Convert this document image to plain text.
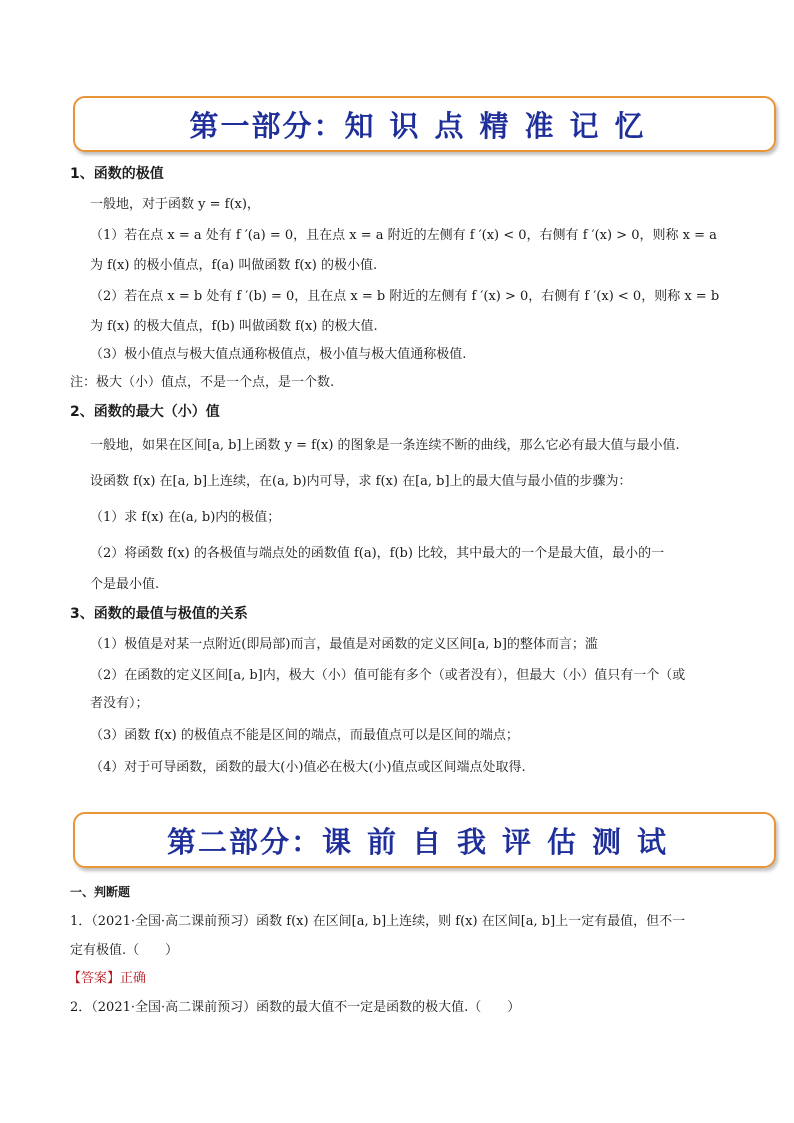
第一部分：知识点精准记忆
1、函数的极值
一般地，对于函数 y = f(x)，
（1）若在点 x = a 处有 f ′(a) = 0，且在点 x = a 附近的左侧有 f ′(x) < 0，右侧有 f ′(x) > 0，则称 x = a
为 f(x) 的极小值点，f(a) 叫做函数 f(x) 的极小值.
（2）若在点 x = b 处有 f ′(b) = 0，且在点 x = b 附近的左侧有 f ′(x) > 0，右侧有 f ′(x) < 0，则称 x = b
为 f(x) 的极大值点，f(b) 叫做函数 f(x) 的极大值.
（3）极小值点与极大值点通称极值点，极小值与极大值通称极值.
注：极大（小）值点，不是一个点，是一个数.
2、函数的最大（小）值
一般地，如果在区间[a, b]上函数 y = f(x) 的图象是一条连续不断的曲线，那么它必有最大值与最小值.
设函数 f(x) 在[a, b]上连续，在(a, b)内可导，求 f(x) 在[a, b]上的最大值与最小值的步骤为：
（1）求 f(x) 在(a, b)内的极值；
（2）将函数 f(x) 的各极值与端点处的函数值 f(a)，f(b) 比较，其中最大的一个是最大值，最小的一
个是最小值.
3、函数的最值与极值的关系
（1）极值是对某一点附近(即局部)而言，最值是对函数的定义区间[a, b]的整体而言；滥
（2）在函数的定义区间[a, b]内，极大（小）值可能有多个（或者没有），但最大（小）值只有一个（或
者没有）；
（3）函数 f(x) 的极值点不能是区间的端点，而最值点可以是区间的端点；
（4）对于可导函数，函数的最大(小)值必在极大(小)值点或区间端点处取得.
第二部分：课前自我评估测试
一、判断题
1．（2021·全国·高二课前预习）函数 f(x) 在区间[a, b]上连续，则 f(x) 在区间[a, b]上一定有最值，但不一
定有极值.（　　）
【答案】正确
2．（2021·全国·高二课前预习）函数的最大值不一定是函数的极大值.（　　）
